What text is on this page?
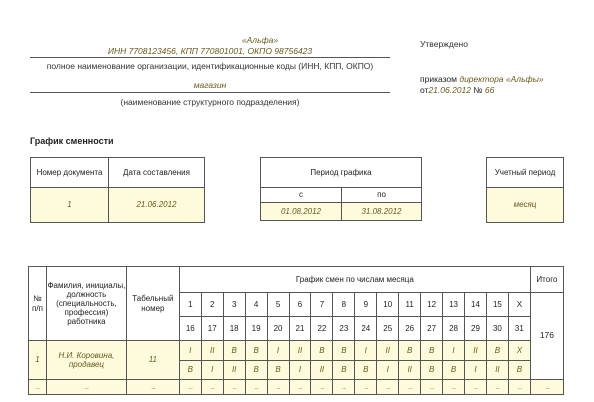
«Альфа»
ИНН 7708123456, КПП 770801001, ОКПО 98756423
полное наименование организации, идентификационные коды (ИНН, КПП, ОКПО)
магазин
(наименование структурного подразделения)
Утверждено
приказом директора «Альфы»
от21.06.2012 № 66
График сменности
Номер документа	Дата составления
1	21.06.2012
Период графика	
с	по
01.08.2012	31.08.2012
Учетный период
месяц
№ п/п	Фамилия, инициалы, должность (специальность, профессия) работника	Табельный номер	График смен по числам месяца																Итого
			1	2	3	4	5	6	7	8	9	10	11	12	13	14	15	X	176
			16	17	18	19	20	21	22	23	24	25	26	27	28	29	30	31	
1	Н.И. Коровина, продавец	11	I	II	В	В	I	II	В	В	I	II	В	В	I	II	В	X	
			В	I	II	В	В	I	II	В	В	I	II	В	В	I	II	В	
...	...	...	...	...	...	...	...	...	...	...	...	...	...	...	...	...	...	...	...
